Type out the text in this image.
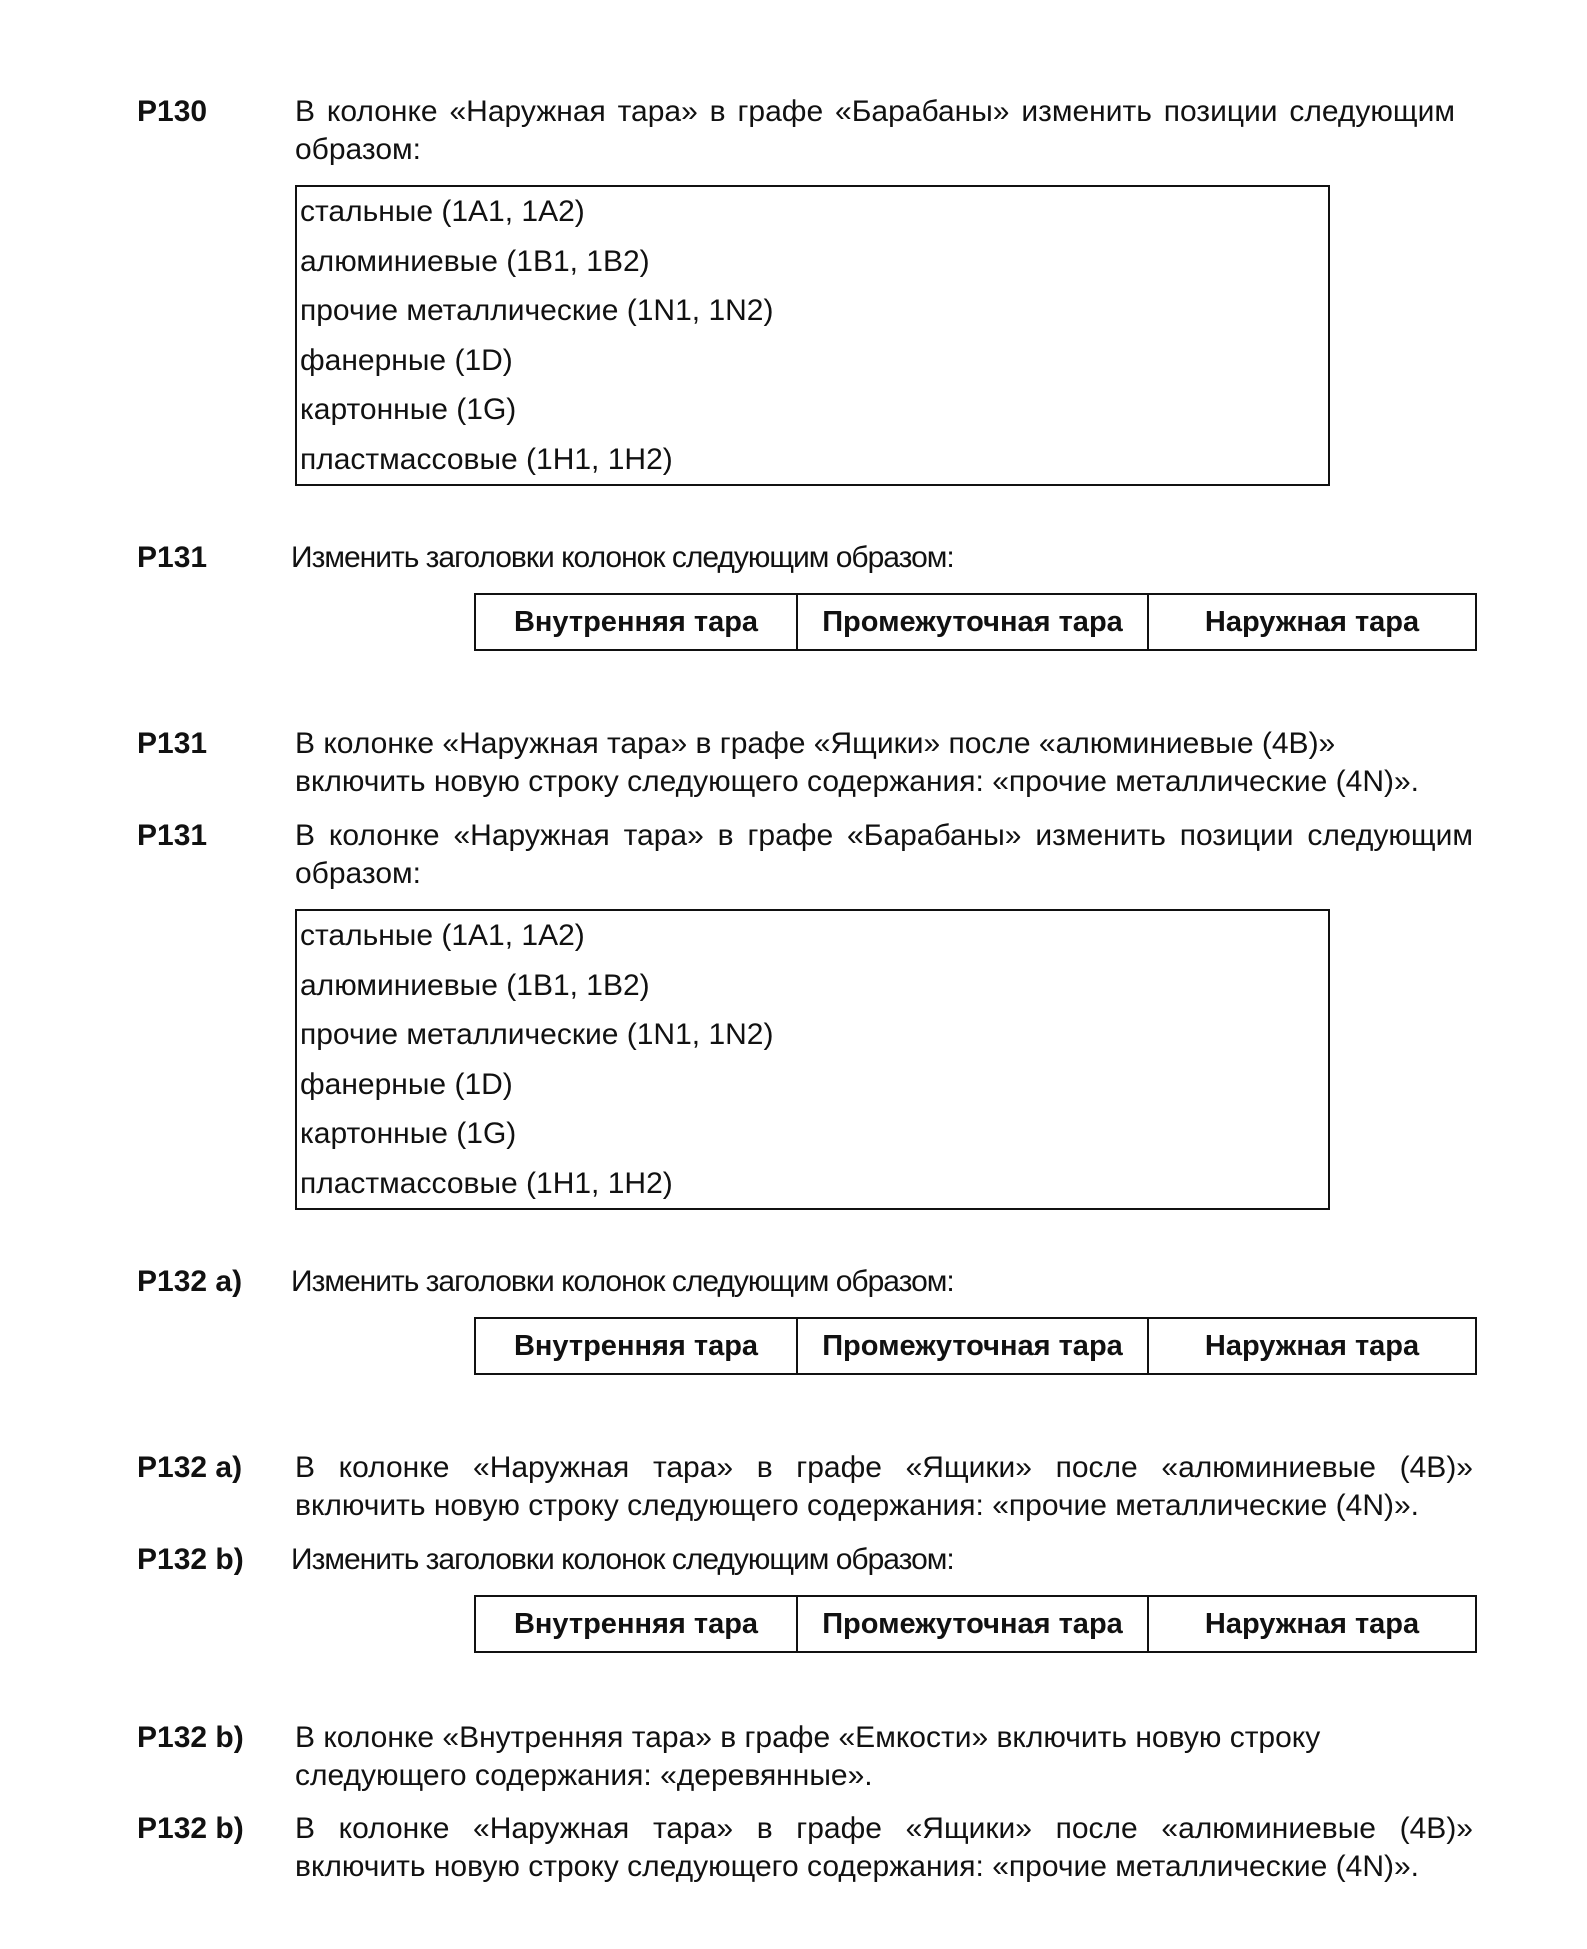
P130	В колонке «Наружная тара» в графе «Барабаны» изменить позиции следующим образом:
стальные (1A1, 1A2)
алюминиевые (1B1, 1B2)
прочие металлические (1N1, 1N2)
фанерные (1D)
картонные (1G)
пластмассовые (1H1, 1H2)
P131	Изменить заголовки колонок следующим образом:
Внутренняя тара	Промежуточная тара	Наружная тара
P131	В колонке «Наружная тара» в графе «Ящики» после «алюминиевые (4B)» включить новую строку следующего содержания: «прочие металлические (4N)».
P131	В колонке «Наружная тара» в графе «Барабаны» изменить позиции следующим образом:
стальные (1A1, 1A2)
алюминиевые (1B1, 1B2)
прочие металлические (1N1, 1N2)
фанерные (1D)
картонные (1G)
пластмассовые (1H1, 1H2)
P132 a) Изменить заголовки колонок следующим образом:
Внутренняя тара	Промежуточная тара	Наружная тара
P132 a) В колонке «Наружная тара» в графе «Ящики» после «алюминиевые (4B)» включить новую строку следующего содержания: «прочие металлические (4N)».
P132 b) Изменить заголовки колонок следующим образом:
Внутренняя тара	Промежуточная тара	Наружная тара
P132 b) В колонке «Внутренняя тара» в графе «Емкости» включить новую строку следующего содержания: «деревянные».
P132 b) В колонке «Наружная тара» в графе «Ящики» после «алюминиевые (4B)» включить новую строку следующего содержания: «прочие металлические (4N)».
